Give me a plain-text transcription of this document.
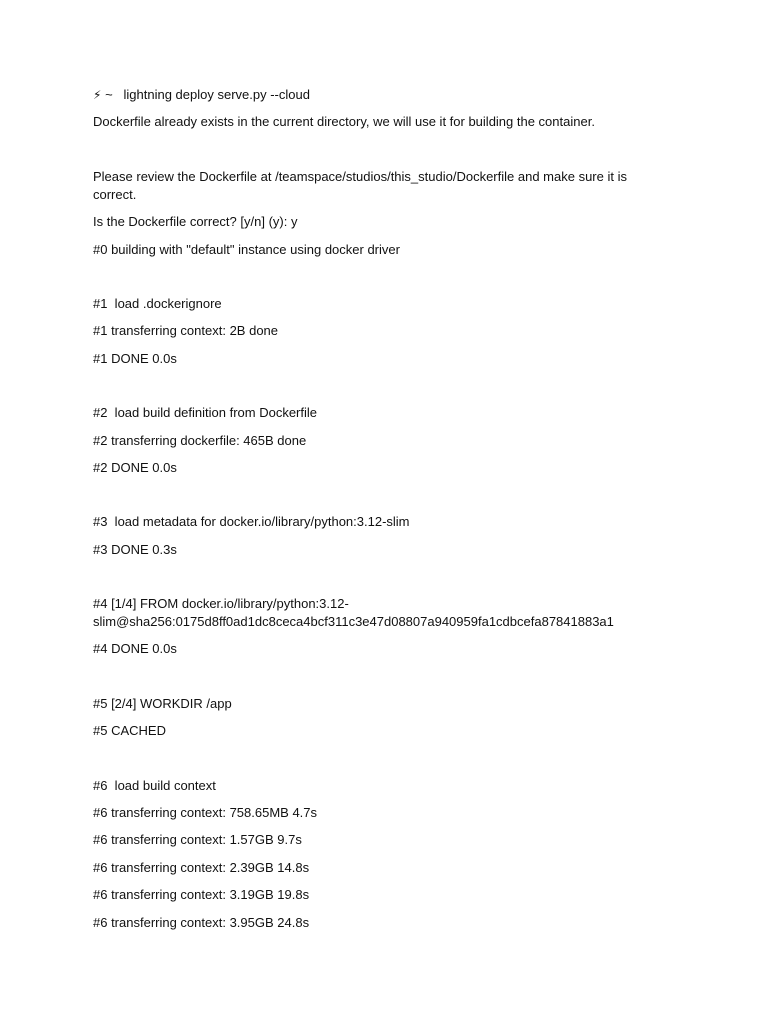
⚡ ~ lightning deploy serve.py --cloud
Dockerfile already exists in the current directory, we will use it for building the container.
Please review the Dockerfile at /teamspace/studios/this_studio/Dockerfile and make sure it is correct.
Is the Dockerfile correct? [y/n] (y): y
#0 building with "default" instance using docker driver
#1  load .dockerignore
#1 transferring context: 2B done
#1 DONE 0.0s
#2  load build definition from Dockerfile
#2 transferring dockerfile: 465B done
#2 DONE 0.0s
#3  load metadata for docker.io/library/python:3.12-slim
#3 DONE 0.3s
#4 [1/4] FROM docker.io/library/python:3.12-
slim@sha256:0175d8ff0ad1dc8ceca4bcf311c3e47d08807a940959fa1cdbcefa87841883a1
#4 DONE 0.0s
#5 [2/4] WORKDIR /app
#5 CACHED
#6  load build context
#6 transferring context: 758.65MB 4.7s
#6 transferring context: 1.57GB 9.7s
#6 transferring context: 2.39GB 14.8s
#6 transferring context: 3.19GB 19.8s
#6 transferring context: 3.95GB 24.8s
